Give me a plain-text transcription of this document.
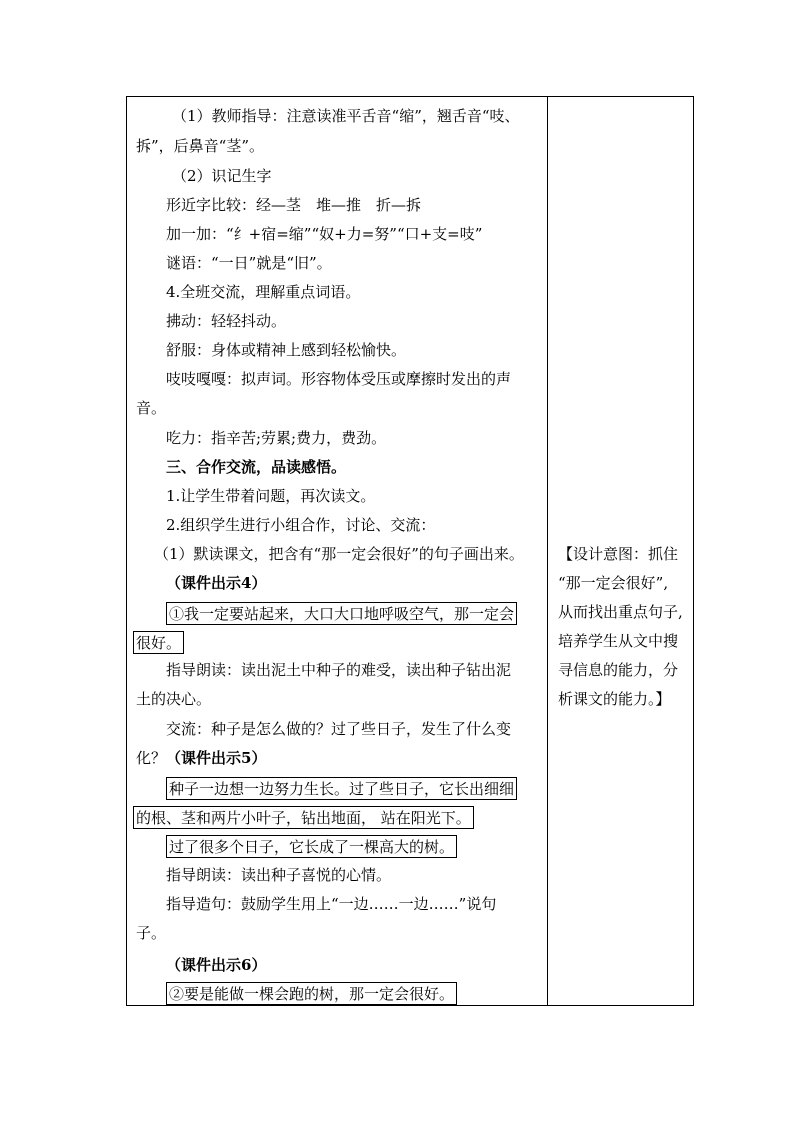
（1）教师指导：注意读准平舌音“缩”，翘舌音“吱、
拆”，后鼻音“茎”。
（2）识记生字
形近字比较：经—茎　堆—推　折—拆
加一加：“纟+宿=缩”“奴+力=努”“口+支=吱”
谜语：“一日”就是“旧”。
4.全班交流，理解重点词语。
拂动：轻轻抖动。
舒服：身体或精神上感到轻松愉快。
吱吱嘎嘎：拟声词。形容物体受压或摩擦时发出的声
音。
吃力：指辛苦;劳累;费力，费劲。
三、合作交流，品读感悟。
1.让学生带着问题，再次读文。
2.组织学生进行小组合作，讨论、交流：
（1）默读课文，把含有“那一定会很好”的句子画出来。
（课件出示4）
①我一定要站起来，大口大口地呼吸空气，那一定会
很好。
指导朗读：读出泥土中种子的难受，读出种子钻出泥
土的决心。
交流：种子是怎么做的？过了些日子，发生了什么变
化？（课件出示5）
种子一边想一边努力生长。过了些日子，它长出细细
的根、茎和两片小叶子，钻出地面， 站在阳光下。
过了很多个日子，它长成了一棵高大的树。
指导朗读：读出种子喜悦的心情。
指导造句：鼓励学生用上“一边……一边……”说句
子。
（课件出示6）
②要是能做一棵会跑的树，那一定会很好。
【设计意图：抓住
“那一定会很好”,
从而找出重点句子,
培养学生从文中搜
寻信息的能力，分
析课文的能力。】
